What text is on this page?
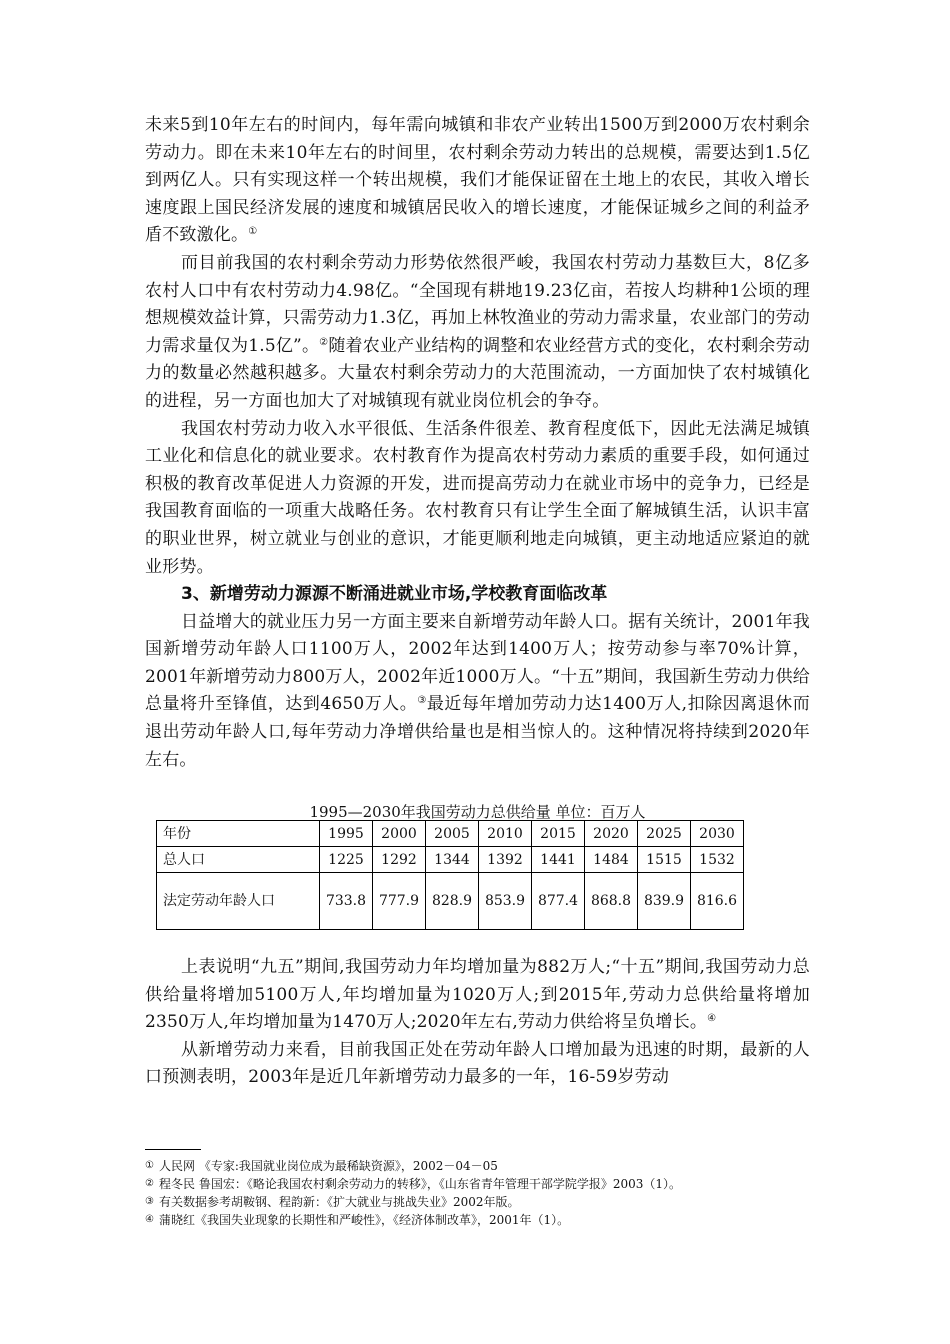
未来5到10年左右的时间内，每年需向城镇和非农产业转出1500万到2000万农村剩余劳动力。即在未来10年左右的时间里，农村剩余劳动力转出的总规模，需要达到1.5亿到两亿人。只有实现这样一个转出规模，我们才能保证留在土地上的农民，其收入增长速度跟上国民经济发展的速度和城镇居民收入的增长速度，才能保证城乡之间的利益矛盾不致激化。①

而目前我国的农村剩余劳动力形势依然很严峻，我国农村劳动力基数巨大，8亿多农村人口中有农村劳动力4.98亿。“全国现有耕地19.23亿亩，若按人均耕种1公顷的理想规模效益计算，只需劳动力1.3亿，再加上林牧渔业的劳动力需求量，农业部门的劳动力需求量仅为1.5亿”。②随着农业产业结构的调整和农业经营方式的变化，农村剩余劳动力的数量必然越积越多。大量农村剩余劳动力的大范围流动，一方面加快了农村城镇化的进程，另一方面也加大了对城镇现有就业岗位机会的争夺。

我国农村劳动力收入水平很低、生活条件很差、教育程度低下，因此无法满足城镇工业化和信息化的就业要求。农村教育作为提高农村劳动力素质的重要手段，如何通过积极的教育改革促进人力资源的开发，进而提高劳动力在就业市场中的竞争力，已经是我国教育面临的一项重大战略任务。农村教育只有让学生全面了解城镇生活，认识丰富的职业世界，树立就业与创业的意识，才能更顺利地走向城镇，更主动地适应紧迫的就业形势。

3、新增劳动力源源不断涌进就业市场,学校教育面临改革

日益增大的就业压力另一方面主要来自新增劳动年龄人口。据有关统计，2001年我国新增劳动年龄人口1100万人，2002年达到1400万人；按劳动参与率70%计算，2001年新增劳动力800万人，2002年近1000万人。“十五”期间，我国新生劳动力供给总量将升至锋值，达到4650万人。③最近每年增加劳动力达1400万人,扣除因离退休而退出劳动年龄人口,每年劳动力净增供给量也是相当惊人的。这种情况将持续到2020年左右。

1995—2030年我国劳动力总供给量 单位：百万人
年份	1995	2000	2005	2010	2015	2020	2025	2030
总人口	1225	1292	1344	1392	1441	1484	1515	1532
法定劳动年龄人口	733.8	777.9	828.9	853.9	877.4	868.8	839.9	816.6

上表说明“九五”期间,我国劳动力年均增加量为882万人;“十五”期间,我国劳动力总供给量将增加5100万人,年均增加量为1020万人;到2015年,劳动力总供给量将增加2350万人,年均增加量为1470万人;2020年左右,劳动力供给将呈负增长。④

从新增劳动力来看，目前我国正处在劳动年龄人口增加最为迅速的时期，最新的人口预测表明，2003年是近几年新增劳动力最多的一年，16-59岁劳动

① 人民网 《专家:我国就业岗位成为最稀缺资源》，2002－04－05
② 程冬民 鲁国宏：《略论我国农村剩余劳动力的转移》，《山东省青年管理干部学院学报》2003（1）。
③ 有关数据参考胡鞍钢、程韵新：《扩大就业与挑战失业》2002年版。
④ 蒲晓红《我国失业现象的长期性和严峻性》，《经济体制改革》，2001年（1）。
